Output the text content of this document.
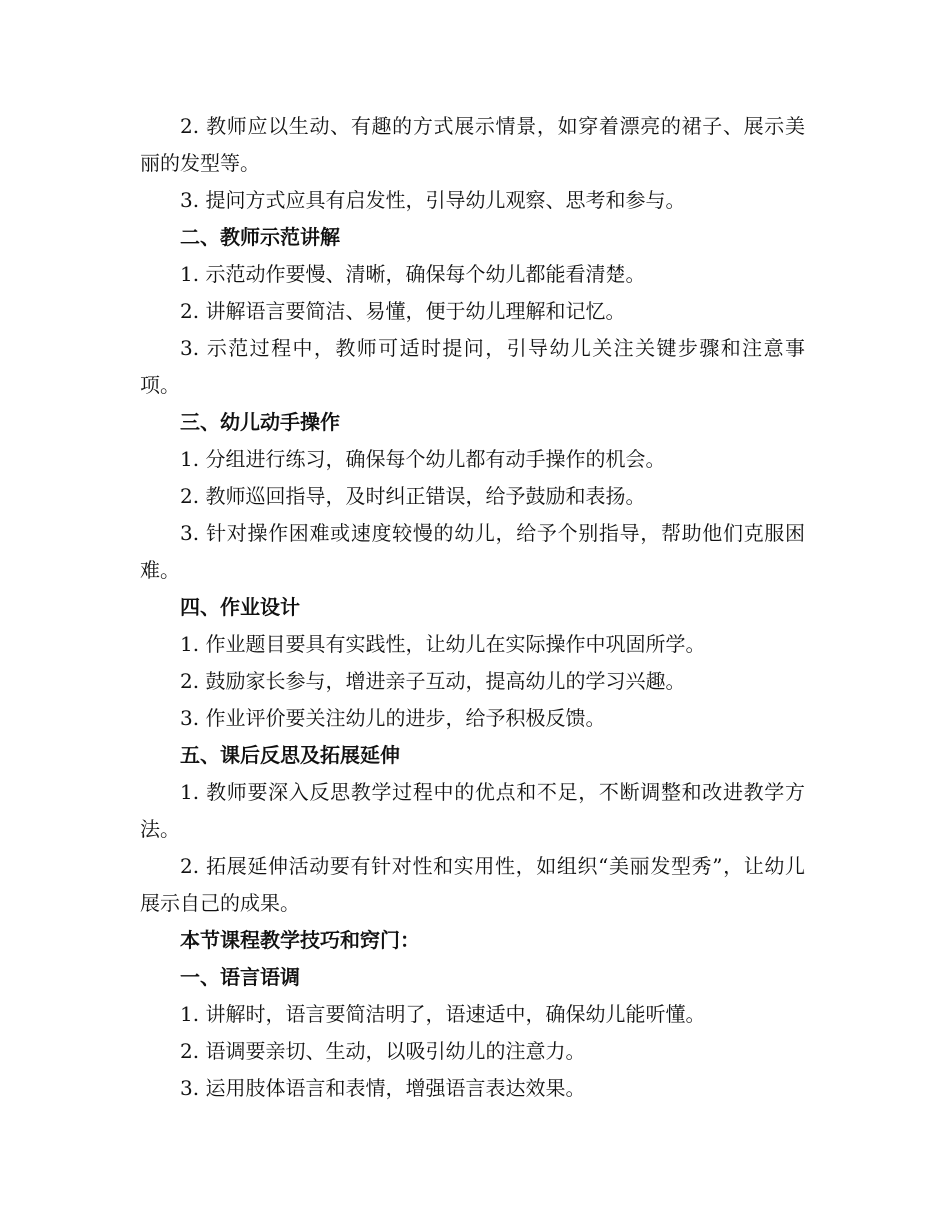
2. 教师应以生动、有趣的方式展示情景，如穿着漂亮的裙子、展示美丽的发型等。

3. 提问方式应具有启发性，引导幼儿观察、思考和参与。

二、教师示范讲解

1. 示范动作要慢、清晰，确保每个幼儿都能看清楚。

2. 讲解语言要简洁、易懂，便于幼儿理解和记忆。

3. 示范过程中，教师可适时提问，引导幼儿关注关键步骤和注意事项。

三、幼儿动手操作

1. 分组进行练习，确保每个幼儿都有动手操作的机会。

2. 教师巡回指导，及时纠正错误，给予鼓励和表扬。

3. 针对操作困难或速度较慢的幼儿，给予个别指导，帮助他们克服困难。

四、作业设计

1. 作业题目要具有实践性，让幼儿在实际操作中巩固所学。

2. 鼓励家长参与，增进亲子互动，提高幼儿的学习兴趣。

3. 作业评价要关注幼儿的进步，给予积极反馈。

五、课后反思及拓展延伸

1. 教师要深入反思教学过程中的优点和不足，不断调整和改进教学方法。

2. 拓展延伸活动要有针对性和实用性，如组织“美丽发型秀”，让幼儿展示自己的成果。

本节课程教学技巧和窍门：

一、语言语调

1. 讲解时，语言要简洁明了，语速适中，确保幼儿能听懂。

2. 语调要亲切、生动，以吸引幼儿的注意力。

3. 运用肢体语言和表情，增强语言表达效果。
